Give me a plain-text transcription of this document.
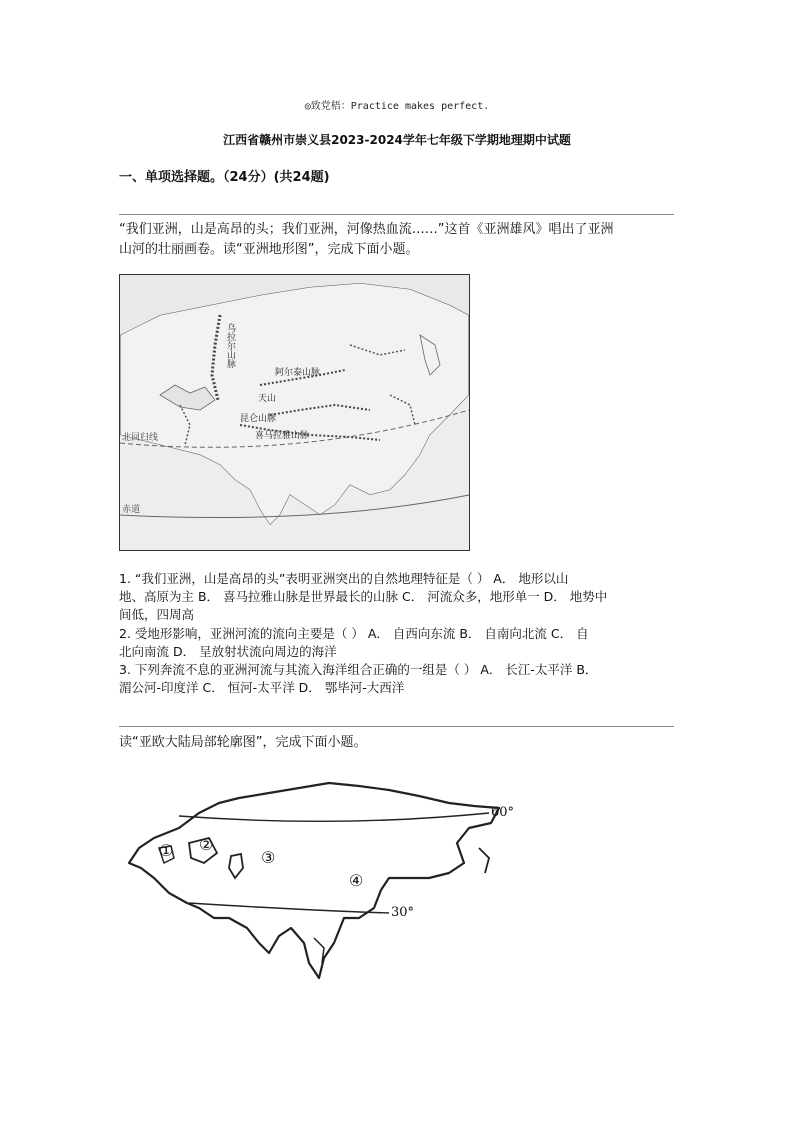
◎致党梧：Practice makes perfect.
江西省赣州市崇义县2023-2024学年七年级下学期地理期中试题
一、单项选择题。（24分）(共24题)
“我们亚洲，山是高昂的头；我们亚洲，河像热血流……”这首《亚洲雄风》唱出了亚洲
山河的壮丽画卷。读“亚洲地形图”，完成下面小题。
乌拉尔山脉
阿尔泰山脉
天山
昆仑山脉
喜马拉雅山脉
北回归线
赤道
1. “我们亚洲，山是高昂的头”表明亚洲突出的自然地理特征是（ ） A． 地形以山
地、高原为主 B． 喜马拉雅山脉是世界最长的山脉 C． 河流众多，地形单一 D． 地势中
间低，四周高
2. 受地形影响，亚洲河流的流向主要是（ ） A． 自西向东流 B． 自南向北流 C． 自
北向南流 D． 呈放射状流向周边的海洋
3. 下列奔流不息的亚洲河流与其流入海洋组合正确的一组是（ ） A． 长江-太平洋 B．
湄公河-印度洋 C． 恒河-太平洋 D． 鄂毕河-大西洋
读“亚欧大陆局部轮廓图”，完成下面小题。
60°
30°
① ②
③
④
